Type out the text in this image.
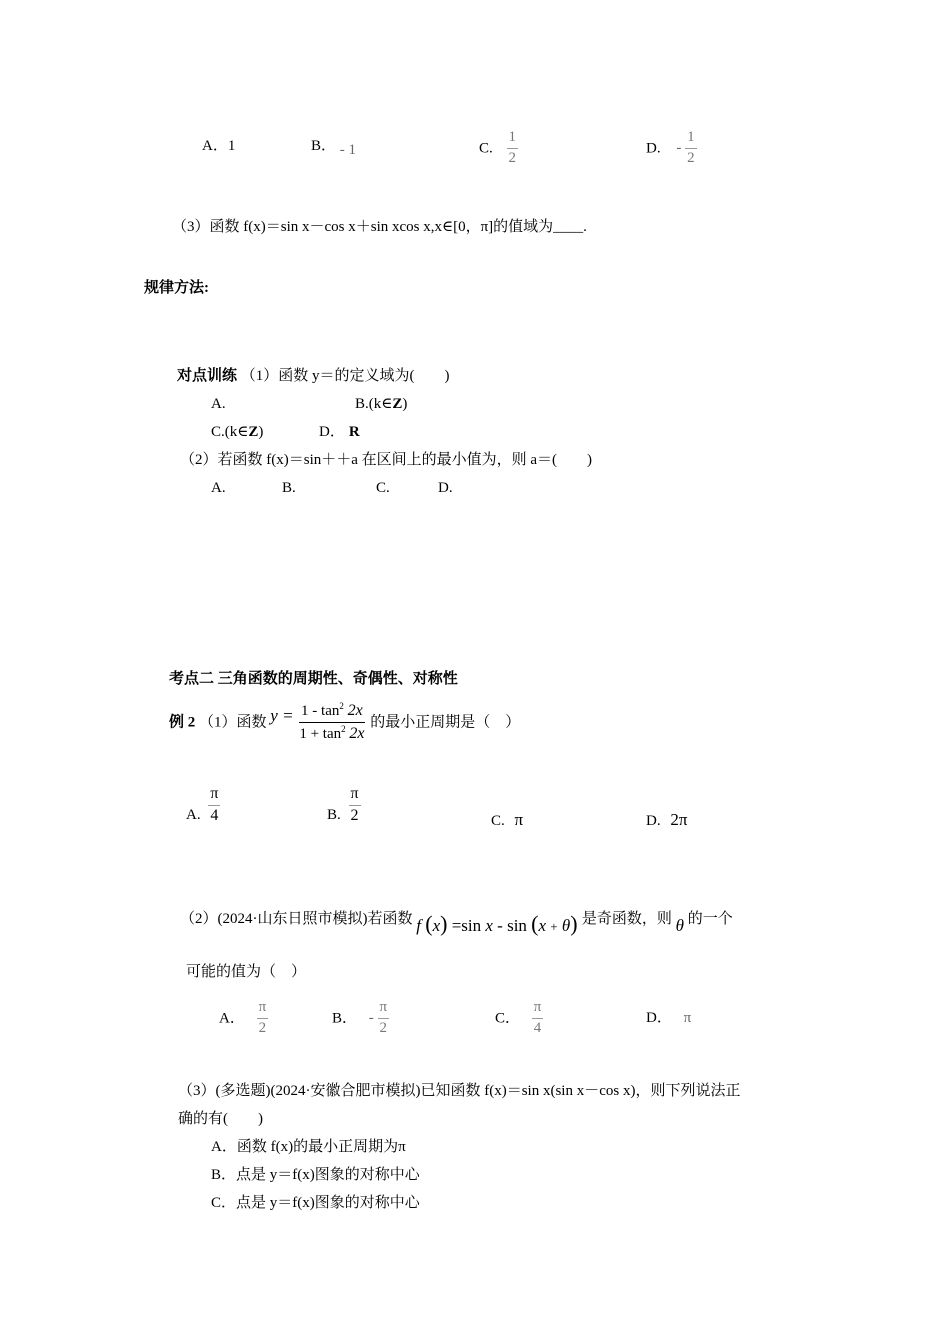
A．1	B． - 1	C. $\frac{1}{2}$	D. - $\frac{1}{2}$
（3）函数 f(x)＝sin x－cos x＋sin xcos x,x∈[0，π]的值域为____.
规律方法:
对点训练 （1）函数 y＝的定义域为(　　)
A.	B.(k∈Z)
C.(k∈Z)	D． R
（2）若函数 f(x)＝sin＋＋a 在区间上的最小值为，则 a＝(　　)
A.	B.	C.	D.
考点二 三角函数的周期性、奇偶性、对称性
例 2 （1）函数 $y = \frac{1 - \tan^2 2x}{1 + \tan^2 2x}$ 的最小正周期是（　）
A. $\frac{\pi}{4}$	B. $\frac{\pi}{2}$	C. π	D. 2π
（2）(2024·山东日照市模拟)若函数 f (x) =sin x - sin (x + θ) 是奇函数，则 θ 的一个
可能的值为（　）
A． $\frac{\pi}{2}$	B． - $\frac{\pi}{2}$	C． $\frac{\pi}{4}$	D． π
（3）(多选题)(2024·安徽合肥市模拟)已知函数 f(x)＝sin x(sin x－cos x)，则下列说法正
确的有(　　)
A．函数 f(x)的最小正周期为π
B．点是 y＝f(x)图象的对称中心
C．点是 y＝f(x)图象的对称中心
